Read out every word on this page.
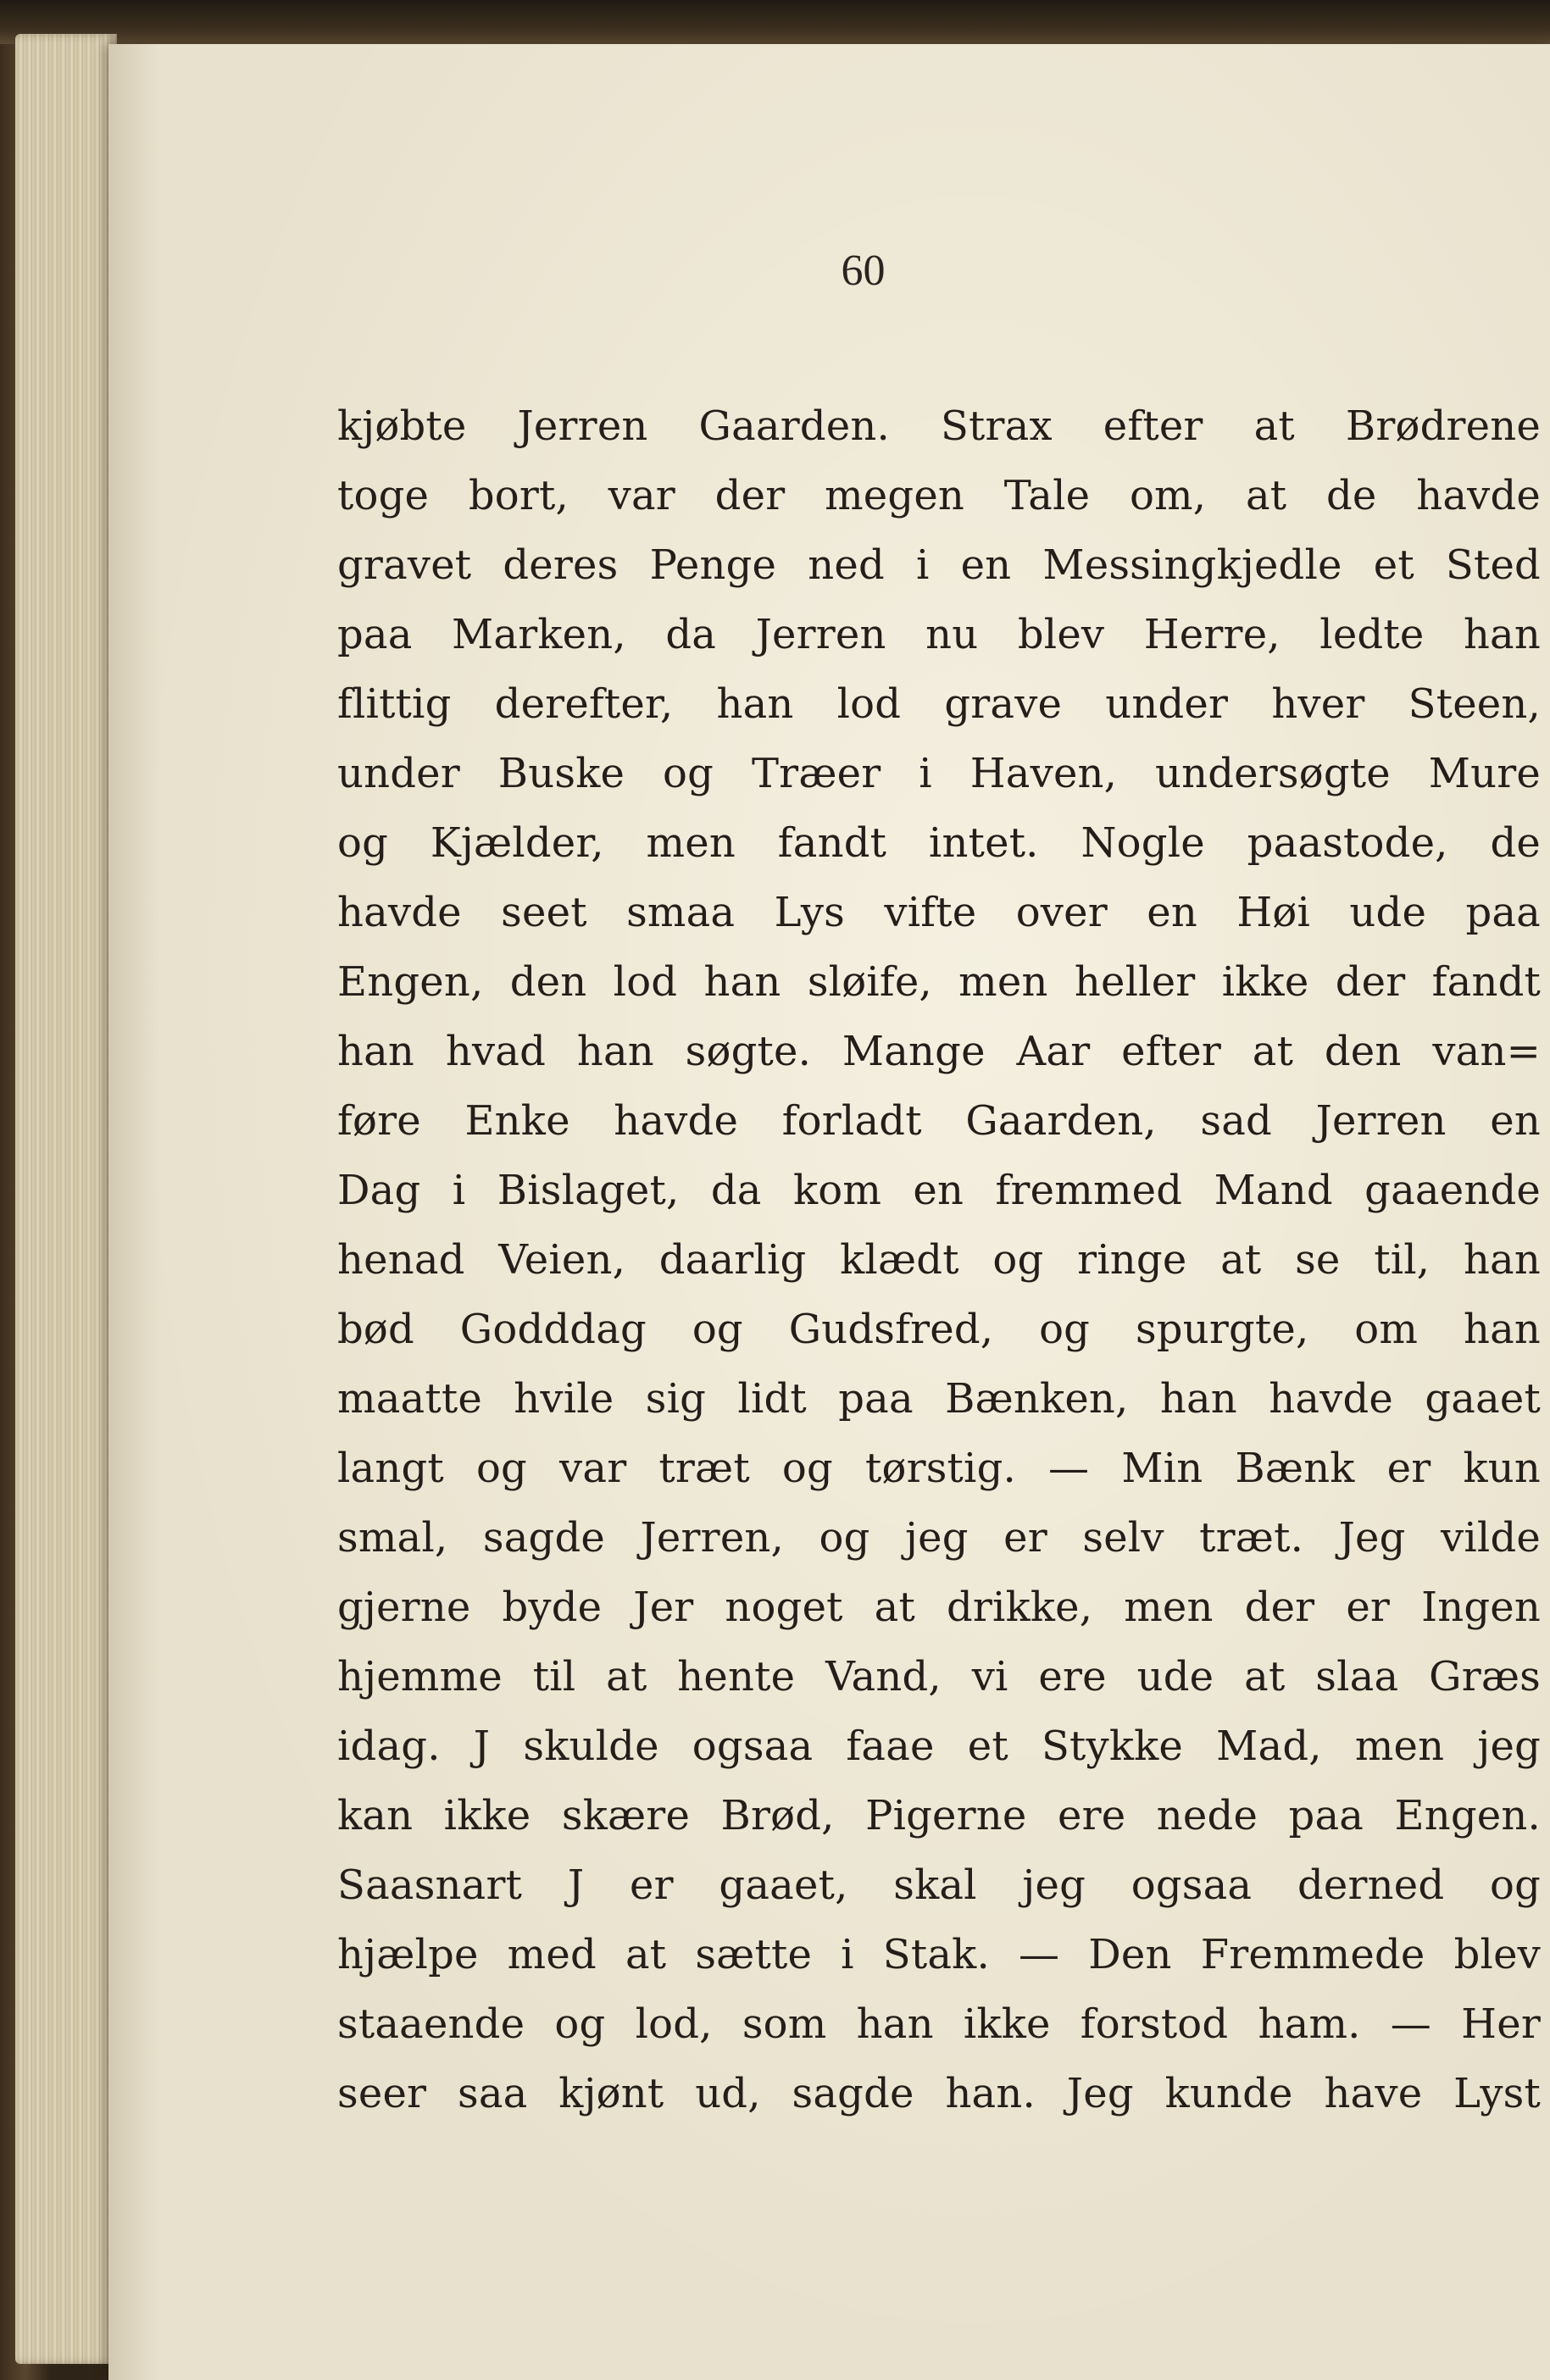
60

kjøbte Jerren Gaarden. Strax efter at Brødrene
toge bort, var der megen Tale om, at de havde
gravet deres Penge ned i en Messingkjedle et Sted
paa Marken, da Jerren nu blev Herre, ledte han
flittig derefter, han lod grave under hver Steen,
under Buske og Træer i Haven, undersøgte Mure
og Kjælder, men fandt intet. Nogle paastode, de
havde seet smaa Lys vifte over en Høi ude paa
Engen, den lod han sløife, men heller ikke der fandt
han hvad han søgte. Mange Aar efter at den van=
føre Enke havde forladt Gaarden, sad Jerren en
Dag i Bislaget, da kom en fremmed Mand gaaende
henad Veien, daarlig klædt og ringe at se til, han
bød Godddag og Gudsfred, og spurgte, om han
maatte hvile sig lidt paa Bænken, han havde gaaet
langt og var træt og tørstig. — Min Bænk er kun
smal, sagde Jerren, og jeg er selv træt. Jeg vilde
gjerne byde Jer noget at drikke, men der er Ingen
hjemme til at hente Vand, vi ere ude at slaa Græs
idag. J skulde ogsaa faae et Stykke Mad, men jeg
kan ikke skære Brød, Pigerne ere nede paa Engen.
Saasnart J er gaaet, skal jeg ogsaa derned og
hjælpe med at sætte i Stak. — Den Fremmede blev
staaende og lod, som han ikke forstod ham. — Her
seer saa kjønt ud, sagde han. Jeg kunde have Lyst
